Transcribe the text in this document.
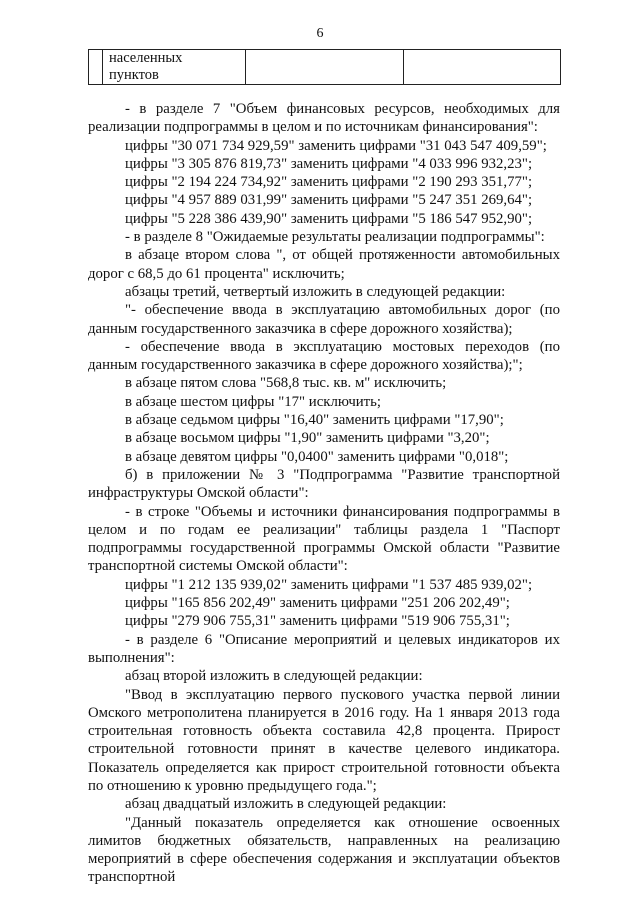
6

населенных
пунктов

- в разделе 7 "Объем финансовых ресурсов, необходимых для реализации подпрограммы в целом и по источникам финансирования":

цифры "30 071 734 929,59" заменить цифрами "31 043 547 409,59";

цифры "3 305 876 819,73" заменить цифрами "4 033 996 932,23";

цифры "2 194 224 734,92" заменить цифрами "2 190 293 351,77";

цифры "4 957 889 031,99" заменить цифрами "5 247 351 269,64";

цифры "5 228 386 439,90" заменить цифрами "5 186 547 952,90";

- в разделе 8 "Ожидаемые результаты реализации подпрограммы":

в абзаце втором слова ", от общей протяженности автомобильных дорог с 68,5 до 61 процента" исключить;

абзацы третий, четвертый изложить в следующей редакции:

"- обеспечение ввода в эксплуатацию автомобильных дорог (по данным государственного заказчика в сфере дорожного хозяйства);

- обеспечение ввода в эксплуатацию мостовых переходов (по данным государственного заказчика в сфере дорожного хозяйства);";

в абзаце пятом слова "568,8 тыс. кв. м" исключить;

в абзаце шестом цифры "17" исключить;

в абзаце седьмом цифры "16,40" заменить цифрами "17,90";

в абзаце восьмом цифры "1,90" заменить цифрами "3,20";

в абзаце девятом цифры "0,0400" заменить цифрами "0,018";

б) в приложении № 3 "Подпрограмма "Развитие транспортной инфраструктуры Омской области":

- в строке "Объемы и источники финансирования подпрограммы в целом и по годам ее реализации" таблицы раздела 1 "Паспорт подпрограммы государственной программы Омской области "Развитие транспортной системы Омской области":

цифры "1 212 135 939,02" заменить цифрами "1 537 485 939,02";

цифры "165 856 202,49" заменить цифрами "251 206 202,49";

цифры "279 906 755,31" заменить цифрами "519 906 755,31";

- в разделе 6 "Описание мероприятий и целевых индикаторов их выполнения":

абзац второй изложить в следующей редакции:

"Ввод в эксплуатацию первого пускового участка первой линии Омского метрополитена планируется в 2016 году. На 1 января 2013 года строительная готовность объекта составила 42,8 процента. Прирост строительной готовности принят в качестве целевого индикатора. Показатель определяется как прирост строительной готовности объекта по отношению к уровню предыдущего года.";

абзац двадцатый изложить в следующей редакции:

"Данный показатель определяется как отношение освоенных лимитов бюджетных обязательств, направленных на реализацию мероприятий в сфере обеспечения содержания и эксплуатации объектов транспортной
